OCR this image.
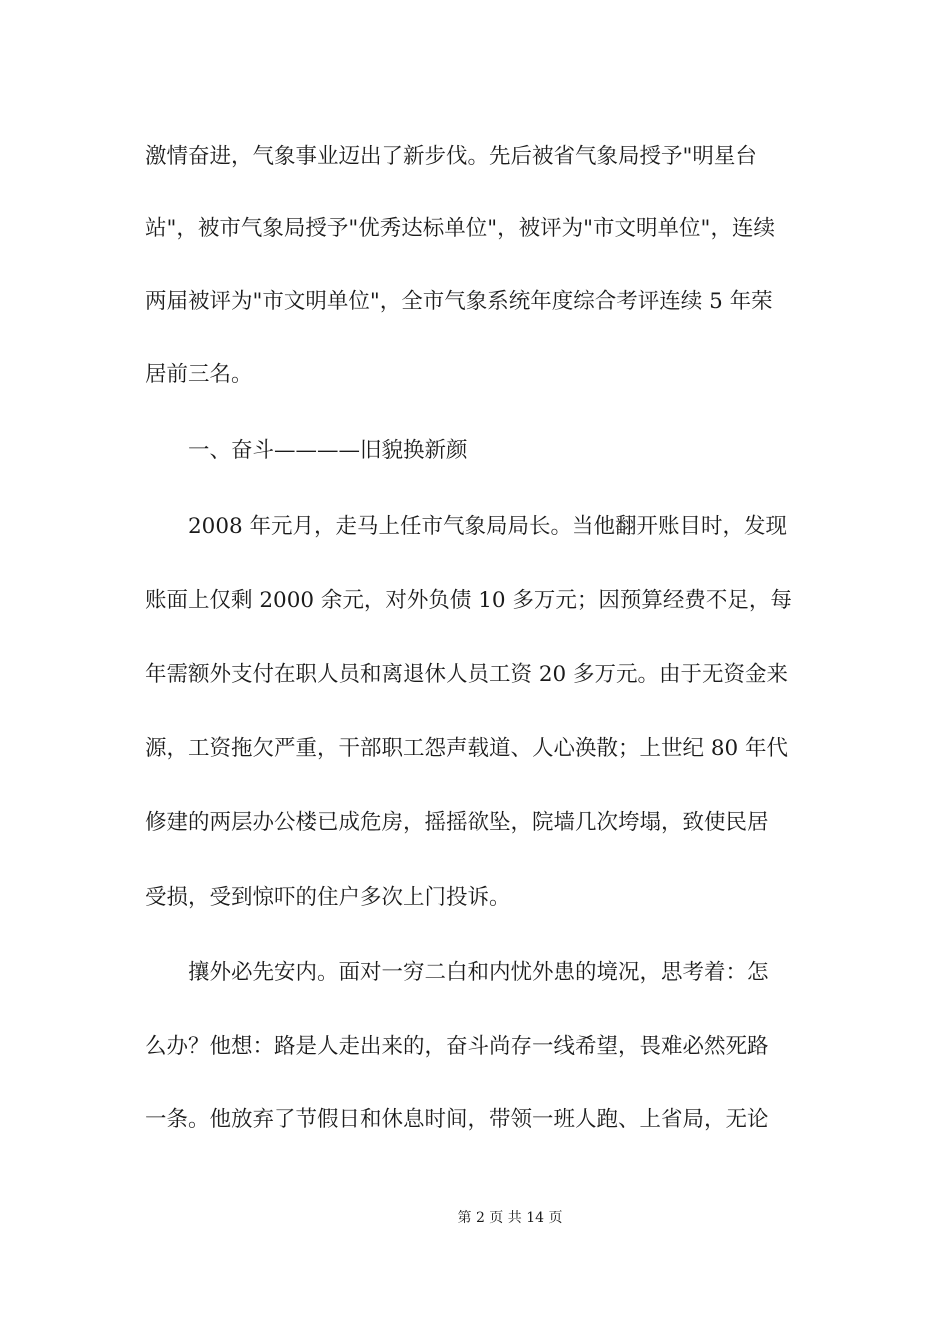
激情奋进，气象事业迈出了新步伐。先后被省气象局授予"明星台
站"，被市气象局授予"优秀达标单位"，被评为"市文明单位"，连续
两届被评为"市文明单位"，全市气象系统年度综合考评连续 5 年荣
居前三名。
　　一、奋斗————旧貌换新颜
　　2008 年元月，走马上任市气象局局长。当他翻开账目时，发现
账面上仅剩 2000 余元，对外负债 10 多万元；因预算经费不足，每
年需额外支付在职人员和离退休人员工资 20 多万元。由于无资金来
源，工资拖欠严重，干部职工怨声载道、人心涣散；上世纪 80 年代
修建的两层办公楼已成危房，摇摇欲坠，院墙几次垮塌，致使民居
受损，受到惊吓的住户多次上门投诉。
　　攘外必先安内。面对一穷二白和内忧外患的境况，思考着：怎
么办？他想：路是人走出来的，奋斗尚存一线希望，畏难必然死路
一条。他放弃了节假日和休息时间，带领一班人跑、上省局，无论
第 2 页 共 14 页
